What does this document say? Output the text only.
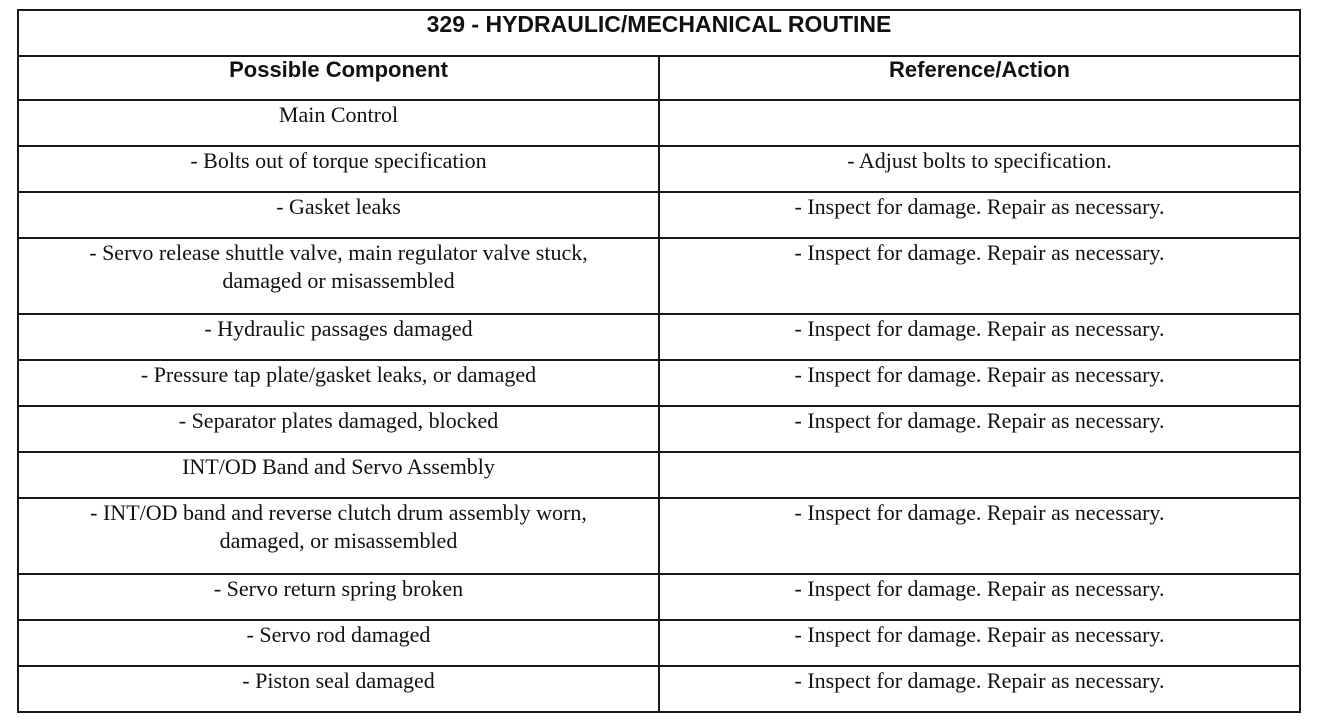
329 - HYDRAULIC/MECHANICAL ROUTINE	
Possible Component	Reference/Action
Main Control	
- Bolts out of torque specification	- Adjust bolts to specification.
- Gasket leaks	- Inspect for damage. Repair as necessary.
- Servo release shuttle valve, main regulator valve stuck,
damaged or misassembled	- Inspect for damage. Repair as necessary.
- Hydraulic passages damaged	- Inspect for damage. Repair as necessary.
- Pressure tap plate/gasket leaks, or damaged	- Inspect for damage. Repair as necessary.
- Separator plates damaged, blocked	- Inspect for damage. Repair as necessary.
INT/OD Band and Servo Assembly	
- INT/OD band and reverse clutch drum assembly worn,
damaged, or misassembled	- Inspect for damage. Repair as necessary.
- Servo return spring broken	- Inspect for damage. Repair as necessary.
- Servo rod damaged	- Inspect for damage. Repair as necessary.
- Piston seal damaged	- Inspect for damage. Repair as necessary.
